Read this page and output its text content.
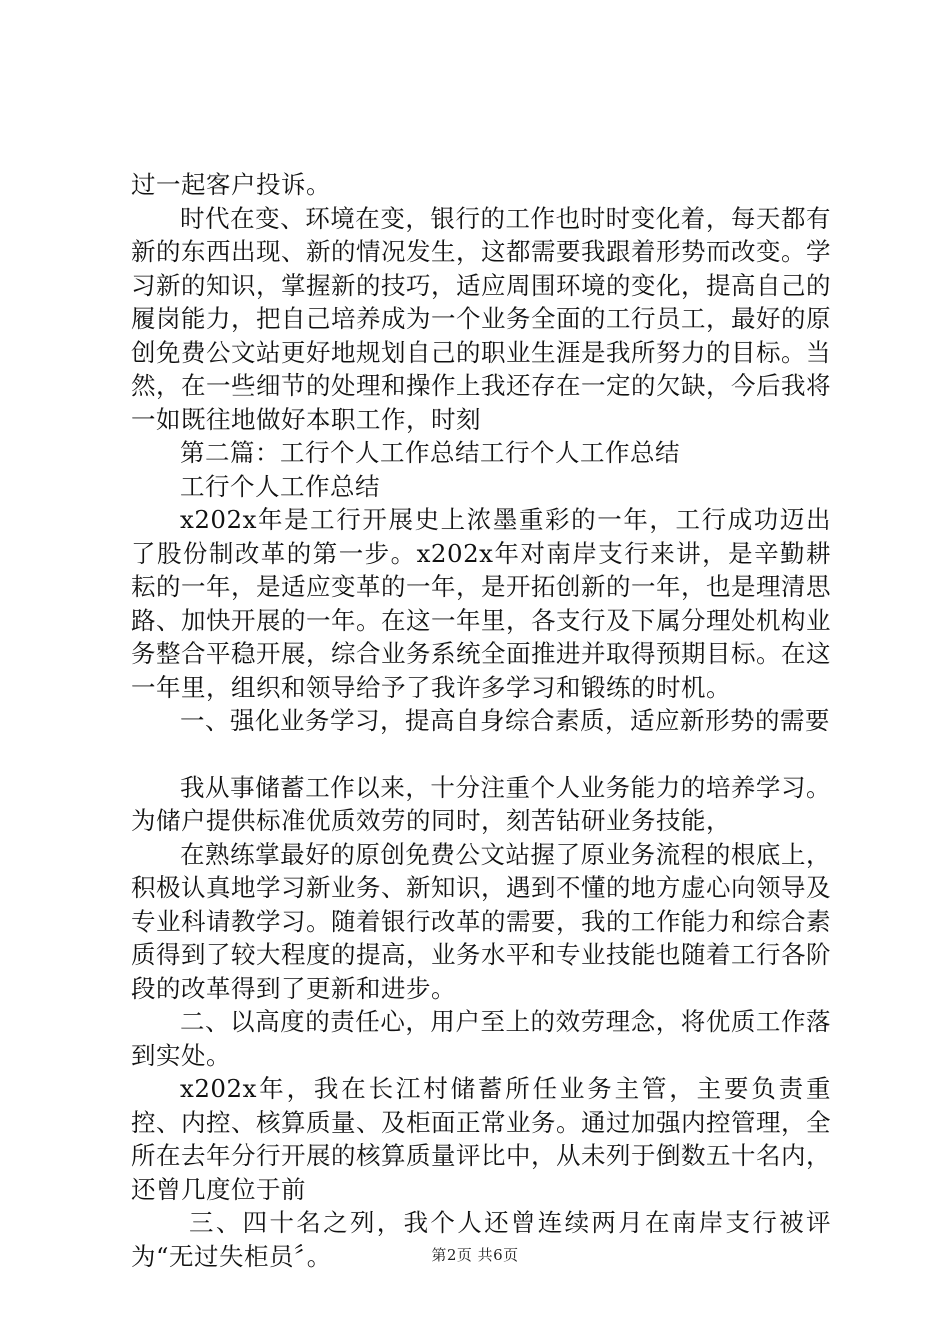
过一起客户投诉。

时代在变、环境在变，银行的工作也时时变化着，每天都有新的东西出现、新的情况发生，这都需要我跟着形势而改变。学习新的知识，掌握新的技巧，适应周围环境的变化，提高自己的履岗能力，把自己培养成为一个业务全面的工行员工，最好的原创免费公文站更好地规划自己的职业生涯是我所努力的目标。当然，在一些细节的处理和操作上我还存在一定的欠缺，今后我将一如既往地做好本职工作，时刻

第二篇：工行个人工作总结工行个人工作总结

工行个人工作总结

x202x年是工行开展史上浓墨重彩的一年，工行成功迈出了股份制改革的第一步。x202x年对南岸支行来讲，是辛勤耕耘的一年，是适应变革的一年，是开拓创新的一年，也是理清思路、加快开展的一年。在这一年里，各支行及下属分理处机构业务整合平稳开展，综合业务系统全面推进并取得预期目标。在这一年里，组织和领导给予了我许多学习和锻练的时机。

一、强化业务学习，提高自身综合素质，适应新形势的需要

我从事储蓄工作以来，十分注重个人业务能力的培养学习。为储户提供标准优质效劳的同时，刻苦钻研业务技能，

在熟练掌最好的原创免费公文站握了原业务流程的根底上，积极认真地学习新业务、新知识，遇到不懂的地方虚心向领导及专业科请教学习。随着银行改革的需要，我的工作能力和综合素质得到了较大程度的提高，业务水平和专业技能也随着工行各阶段的改革得到了更新和进步。

二、以高度的责任心，用户至上的效劳理念，将优质工作落到实处。

x202x年，我在长江村储蓄所任业务主管，主要负责重控、内控、核算质量、及柜面正常业务。通过加强内控管理，全所在去年分行开展的核算质量评比中，从未列于倒数五十名内，还曾几度位于前

三、四十名之列，我个人还曾连续两月在南岸支行被评为“无过失柜员〞。	第2页 共6页
